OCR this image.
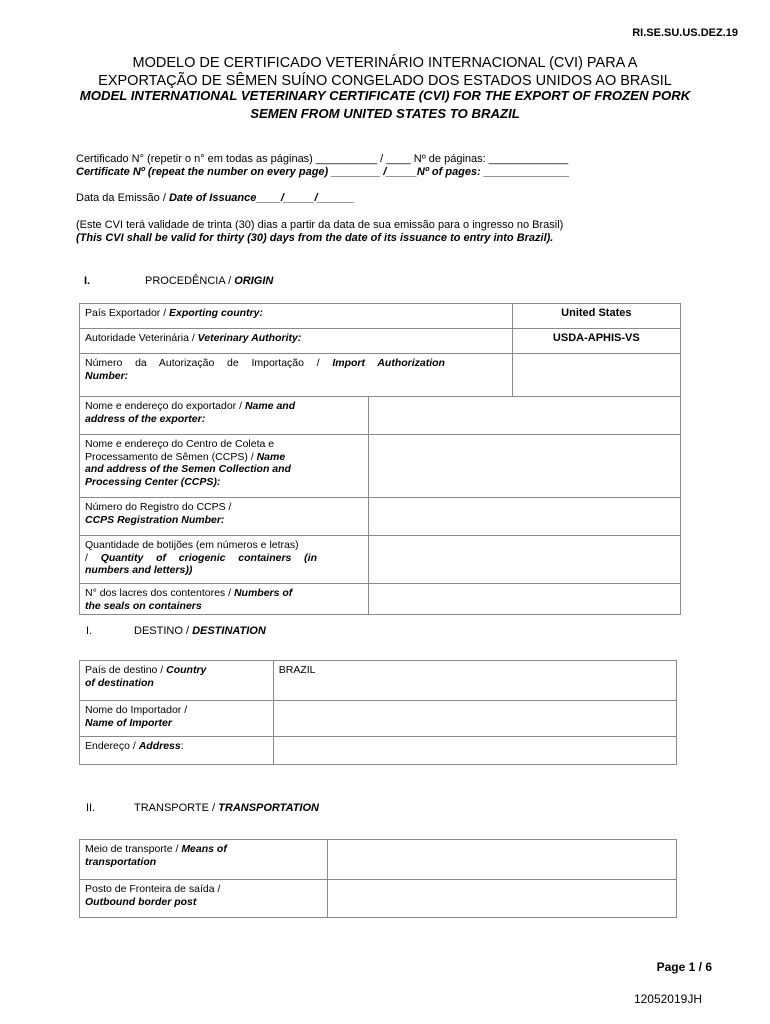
RI.SE.SU.US.DEZ.19
MODELO DE CERTIFICADO VETERINÁRIO INTERNACIONAL (CVI) PARA A
EXPORTAÇÃO DE SÊMEN SUÍNO CONGELADO DOS ESTADOS UNIDOS AO BRASIL
MODEL INTERNATIONAL VETERINARY CERTIFICATE (CVI) FOR THE EXPORT OF FROZEN PORK
SEMEN FROM UNITED STATES TO BRAZIL
Certificado N° (repetir o n° em todas as páginas) __________ / ____ Nº de páginas: _____________
Certificate Nº (repeat the number on every page) ________ /_____Nº of pages: ______________
Data da Emissão / Date of Issuance____/_____/______
(Este CVI terá validade de trinta (30) dias a partir da data de sua emissão para o ingresso no Brasil)
(This CVI shall be valid for thirty (30) days from the date of its issuance to entry into Brazil).
I.	PROCEDÊNCIA / ORIGIN
País Exportador / Exporting country:		United States
Autoridade Veterinária / Veterinary Authority:		USDA-APHIS-VS

Número da Autorização de Importação / Import Authorization
Number:		

Nome e endereço do exportador / Name and
address of the exporter:		

Nome e endereço do Centro de Coleta e
Processamento de Sêmen (CCPS) / Name
and address of the Semen Collection and
Processing Center (CCPS):		

Número do Registro do CCPS /
CCPS Registration Number:		

Quantidade de botijões (em números e letras)
/ Quantity of criogenic containers (in
numbers and letters))		

N° dos lacres dos contentores / Numbers of
the seals on containers		

I.	DESTINO / DESTINATION
País de destino / Country
of destination	BRAZIL

Nome do Importador /
Name of Importer	

Endereço / Address:	
II.	TRANSPORTE / TRANSPORTATION
Meio de transporte / Means of
transportation	

Posto de Fronteira de saída /
Outbound border post	

Page 1 / 6
12052019JH
